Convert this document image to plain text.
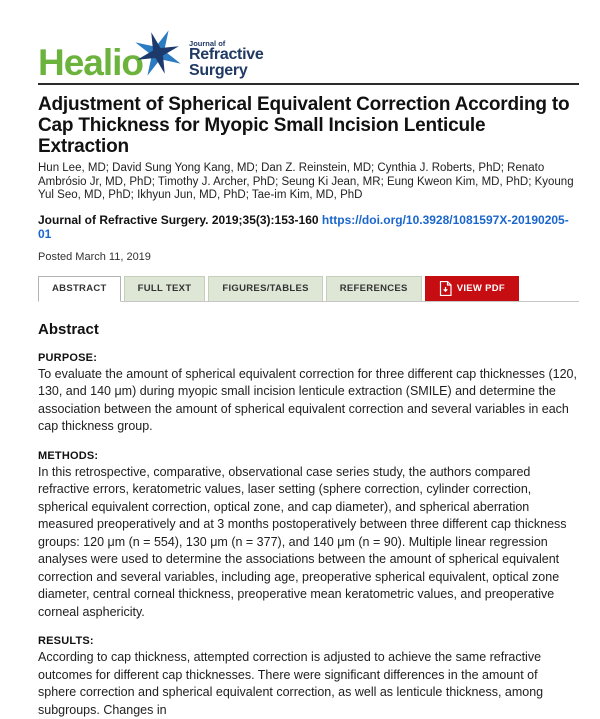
Healio	Journal of
Refractive
Surgery
Adjustment of Spherical Equivalent Correction According to Cap Thickness for Myopic Small Incision Lenticule Extraction

Hun Lee, MD; David Sung Yong Kang, MD; Dan Z. Reinstein, MD; Cynthia J. Roberts, PhD; Renato Ambrósio Jr, MD, PhD; Timothy J. Archer, PhD; Seung Ki Jean, MR; Eung Kweon Kim, MD, PhD; Kyoung Yul Seo, MD, PhD; Ikhyun Jun, MD, PhD; Tae-im Kim, MD, PhD

Journal of Refractive Surgery. 2019;35(3):153-160 https://doi.org/10.3928/1081597X-20190205-01

Posted March 11, 2019

ABSTRACT	FULL TEXT	FIGURES/TABLES	REFERENCES	VIEW PDF
Abstract
PURPOSE:

To evaluate the amount of spherical equivalent correction for three different cap thicknesses (120, 130, and 140 μm) during myopic small incision lenticule extraction (SMILE) and determine the association between the amount of spherical equivalent correction and several variables in each cap thickness group.

METHODS:

In this retrospective, comparative, observational case series study, the authors compared refractive errors, keratometric values, laser setting (sphere correction, cylinder correction, spherical equivalent correction, optical zone, and cap diameter), and spherical aberration measured preoperatively and at 3 months postoperatively between three different cap thickness groups: 120 μm (n = 554), 130 μm (n = 377), and 140 μm (n = 90). Multiple linear regression analyses were used to determine the associations between the amount of spherical equivalent correction and several variables, including age, preoperative spherical equivalent, optical zone diameter, central corneal thickness, preoperative mean keratometric values, and preoperative corneal asphericity.

RESULTS:

According to cap thickness, attempted correction is adjusted to achieve the same refractive outcomes for different cap thicknesses. There were significant differences in the amount of sphere correction and spherical equivalent correction, as well as lenticule thickness, among subgroups. Changes in
